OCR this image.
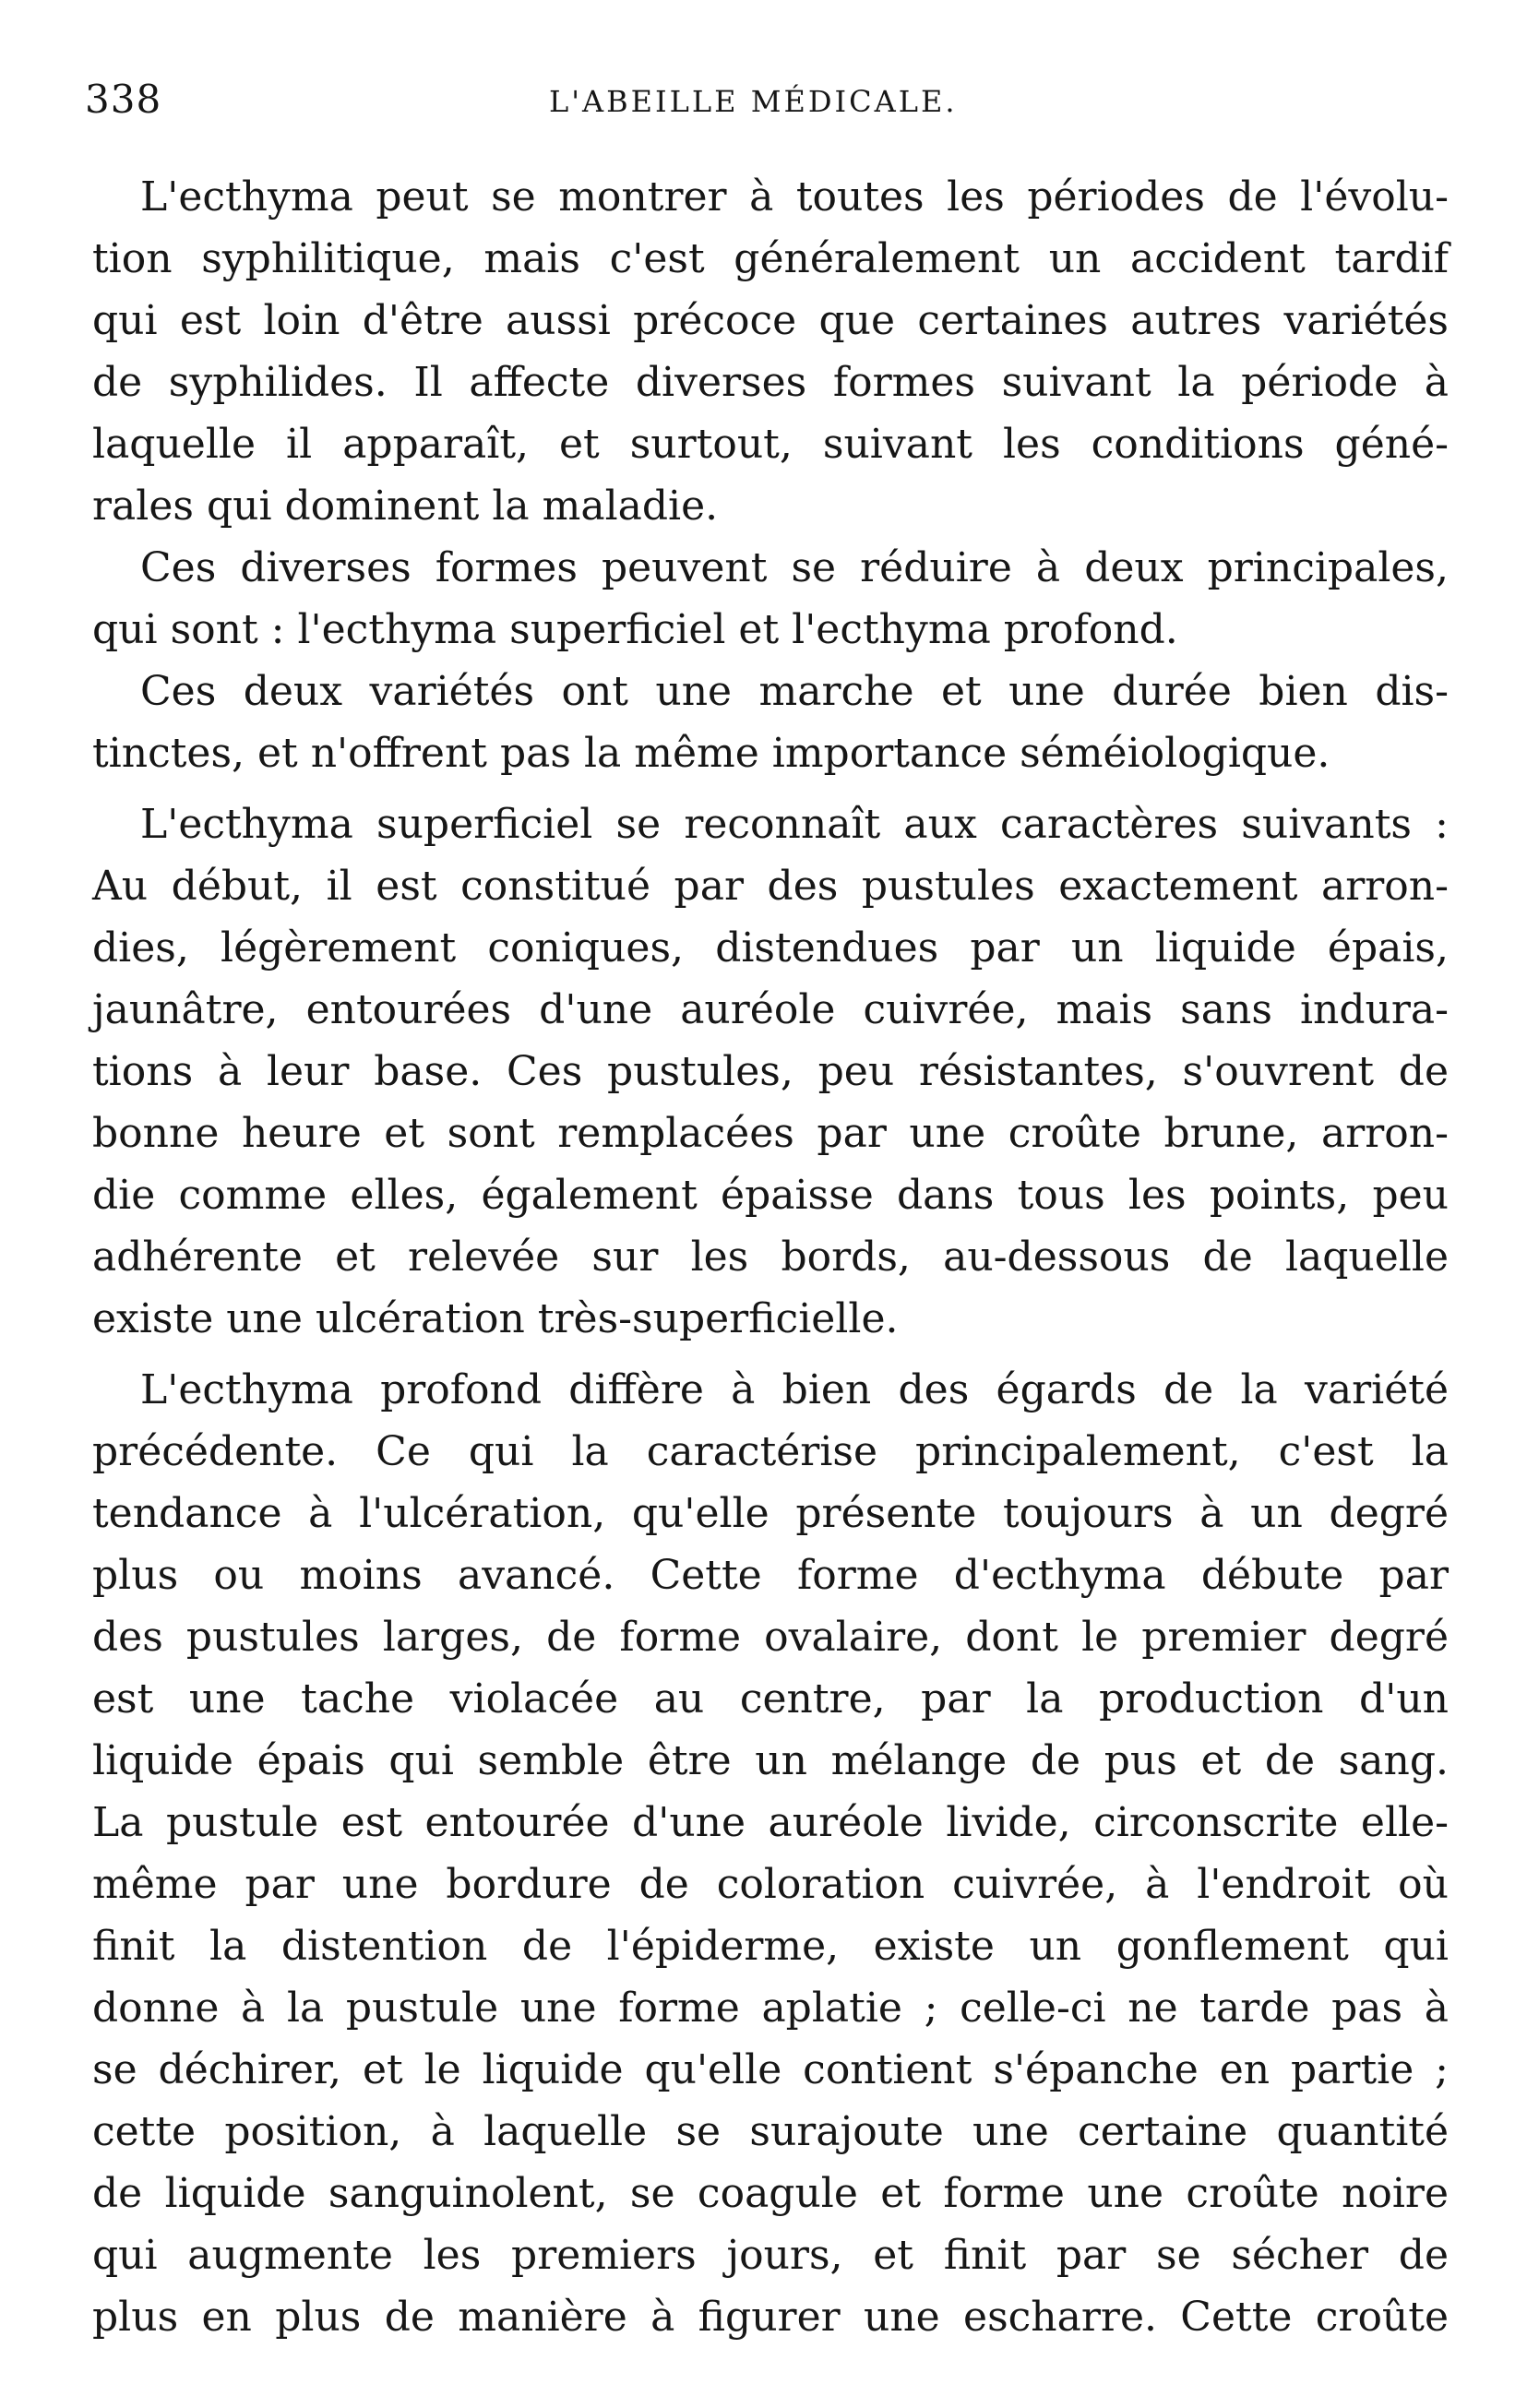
338	L'ABEILLE MÉDICALE.
L'ecthyma peut se montrer à toutes les périodes de l'évolu-
tion syphilitique, mais c'est généralement un accident tardif
qui est loin d'être aussi précoce que certaines autres variétés
de syphilides. Il affecte diverses formes suivant la période à
laquelle il apparaît, et surtout, suivant les conditions géné-
rales qui dominent la maladie.
Ces diverses formes peuvent se réduire à deux principales,
qui sont : l'ecthyma superficiel et l'ecthyma profond.
Ces deux variétés ont une marche et une durée bien dis-
tinctes, et n'offrent pas la même importance séméiologique.
L'ecthyma superficiel se reconnaît aux caractères suivants :
Au début, il est constitué par des pustules exactement arron-
dies, légèrement coniques, distendues par un liquide épais,
jaunâtre, entourées d'une auréole cuivrée, mais sans indura-
tions à leur base. Ces pustules, peu résistantes, s'ouvrent de
bonne heure et sont remplacées par une croûte brune, arron-
die comme elles, également épaisse dans tous les points, peu
adhérente et relevée sur les bords, au-dessous de laquelle
existe une ulcération très-superficielle.
L'ecthyma profond diffère à bien des égards de la variété
précédente. Ce qui la caractérise principalement, c'est la
tendance à l'ulcération, qu'elle présente toujours à un degré
plus ou moins avancé. Cette forme d'ecthyma débute par
des pustules larges, de forme ovalaire, dont le premier degré
est une tache violacée au centre, par la production d'un
liquide épais qui semble être un mélange de pus et de sang.
La pustule est entourée d'une auréole livide, circonscrite elle-
même par une bordure de coloration cuivrée, à l'endroit où
finit la distention de l'épiderme, existe un gonflement qui
donne à la pustule une forme aplatie ; celle-ci ne tarde pas à
se déchirer, et le liquide qu'elle contient s'épanche en partie ;
cette position, à laquelle se surajoute une certaine quantité
de liquide sanguinolent, se coagule et forme une croûte noire
qui augmente les premiers jours, et finit par se sécher de
plus en plus de manière à figurer une escharre. Cette croûte
